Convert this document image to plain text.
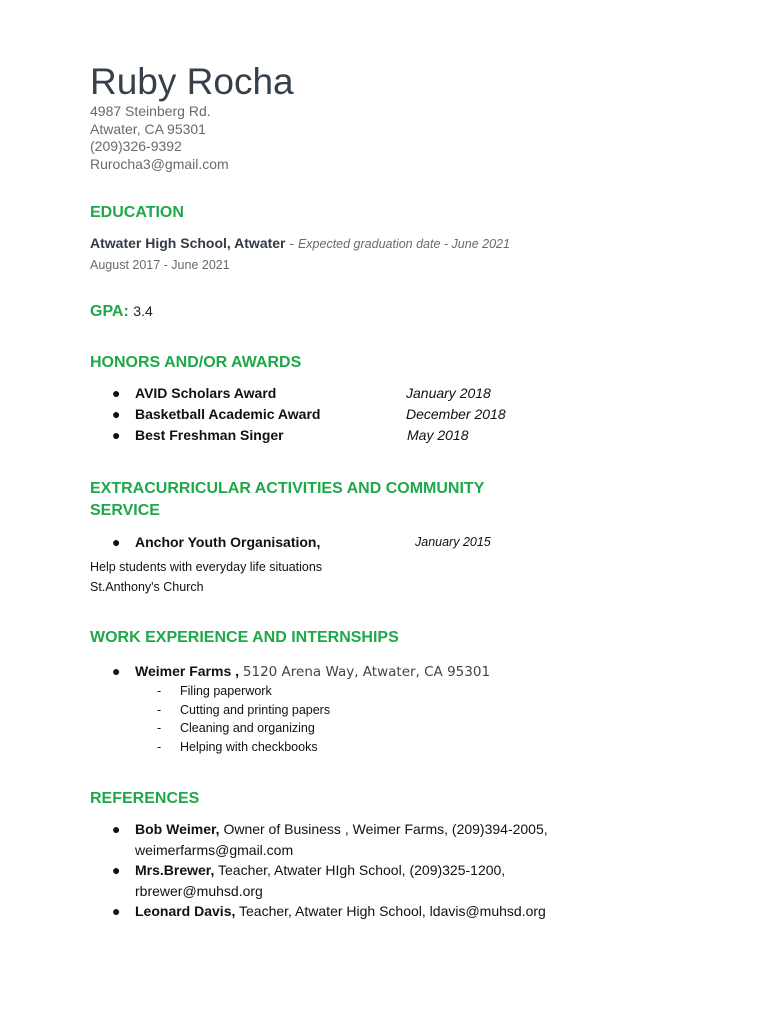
Ruby Rocha
4987 Steinberg Rd.
Atwater, CA 95301
(209)326-9392
Rurocha3@gmail.com
EDUCATION
Atwater High School, Atwater - Expected graduation date - June 2021
August 2017 - June 2021
GPA: 3.4
HONORS AND/OR AWARDS
● AVID Scholars Award	January 2018
● Basketball Academic Award	December 2018
● Best Freshman Singer	May 2018
EXTRACURRICULAR ACTIVITIES AND COMMUNITY
SERVICE
● Anchor Youth Organisation,	January 2015
Help students with everyday life situations
St.Anthony's Church
WORK EXPERIENCE AND INTERNSHIPS
● Weimer Farms , 5120 Arena Way, Atwater, CA 95301
- Filing paperwork
- Cutting and printing papers
- Cleaning and organizing
- Helping with checkbooks
REFERENCES
● Bob Weimer, Owner of Business , Weimer Farms, (209)394-2005,
weimerfarms@gmail.com
● Mrs.Brewer, Teacher, Atwater HIgh School, (209)325-1200,
rbrewer@muhsd.org
● Leonard Davis, Teacher, Atwater High School, ldavis@muhsd.org
